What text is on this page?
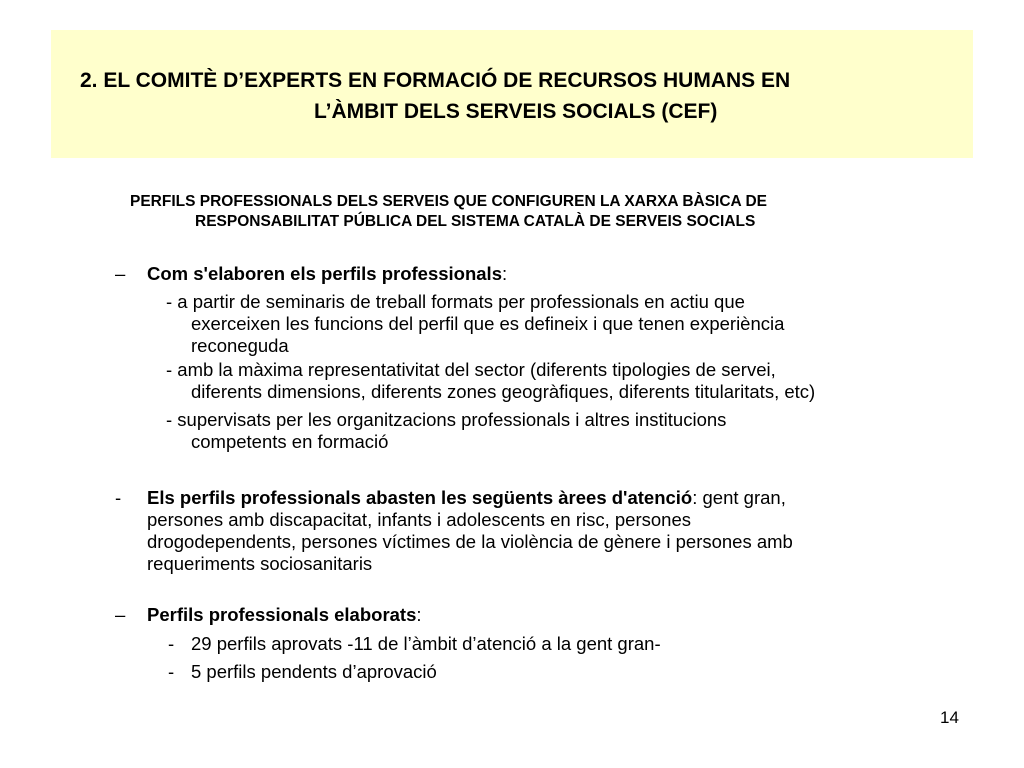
2. EL COMITÈ D’EXPERTS EN FORMACIÓ DE RECURSOS HUMANS EN
L’ÀMBIT DELS SERVEIS SOCIALS (CEF)
PERFILS PROFESSIONALS DELS SERVEIS QUE CONFIGUREN LA XARXA BÀSICA DE
RESPONSABILITAT PÚBLICA DEL SISTEMA CATALÀ DE SERVEIS SOCIALS
– Com s'elaboren els perfils professionals:
- a partir de seminaris de treball formats per professionals en actiu que
exerceixen les funcions del perfil que es defineix i que tenen experiència
reconeguda
- amb la màxima representativitat del sector (diferents tipologies de servei,
diferents dimensions, diferents zones geogràfiques, diferents titularitats, etc)
- supervisats per les organitzacions professionals i altres institucions
competents en formació
- Els perfils professionals abasten les següents àrees d'atenció: gent gran,
persones amb discapacitat, infants i adolescents en risc, persones
drogodependents, persones víctimes de la violència de gènere i persones amb
requeriments sociosanitaris
– Perfils professionals elaborats:
- 29 perfils aprovats -11 de l’àmbit d’atenció a la gent gran-
- 5 perfils pendents d’aprovació
14
